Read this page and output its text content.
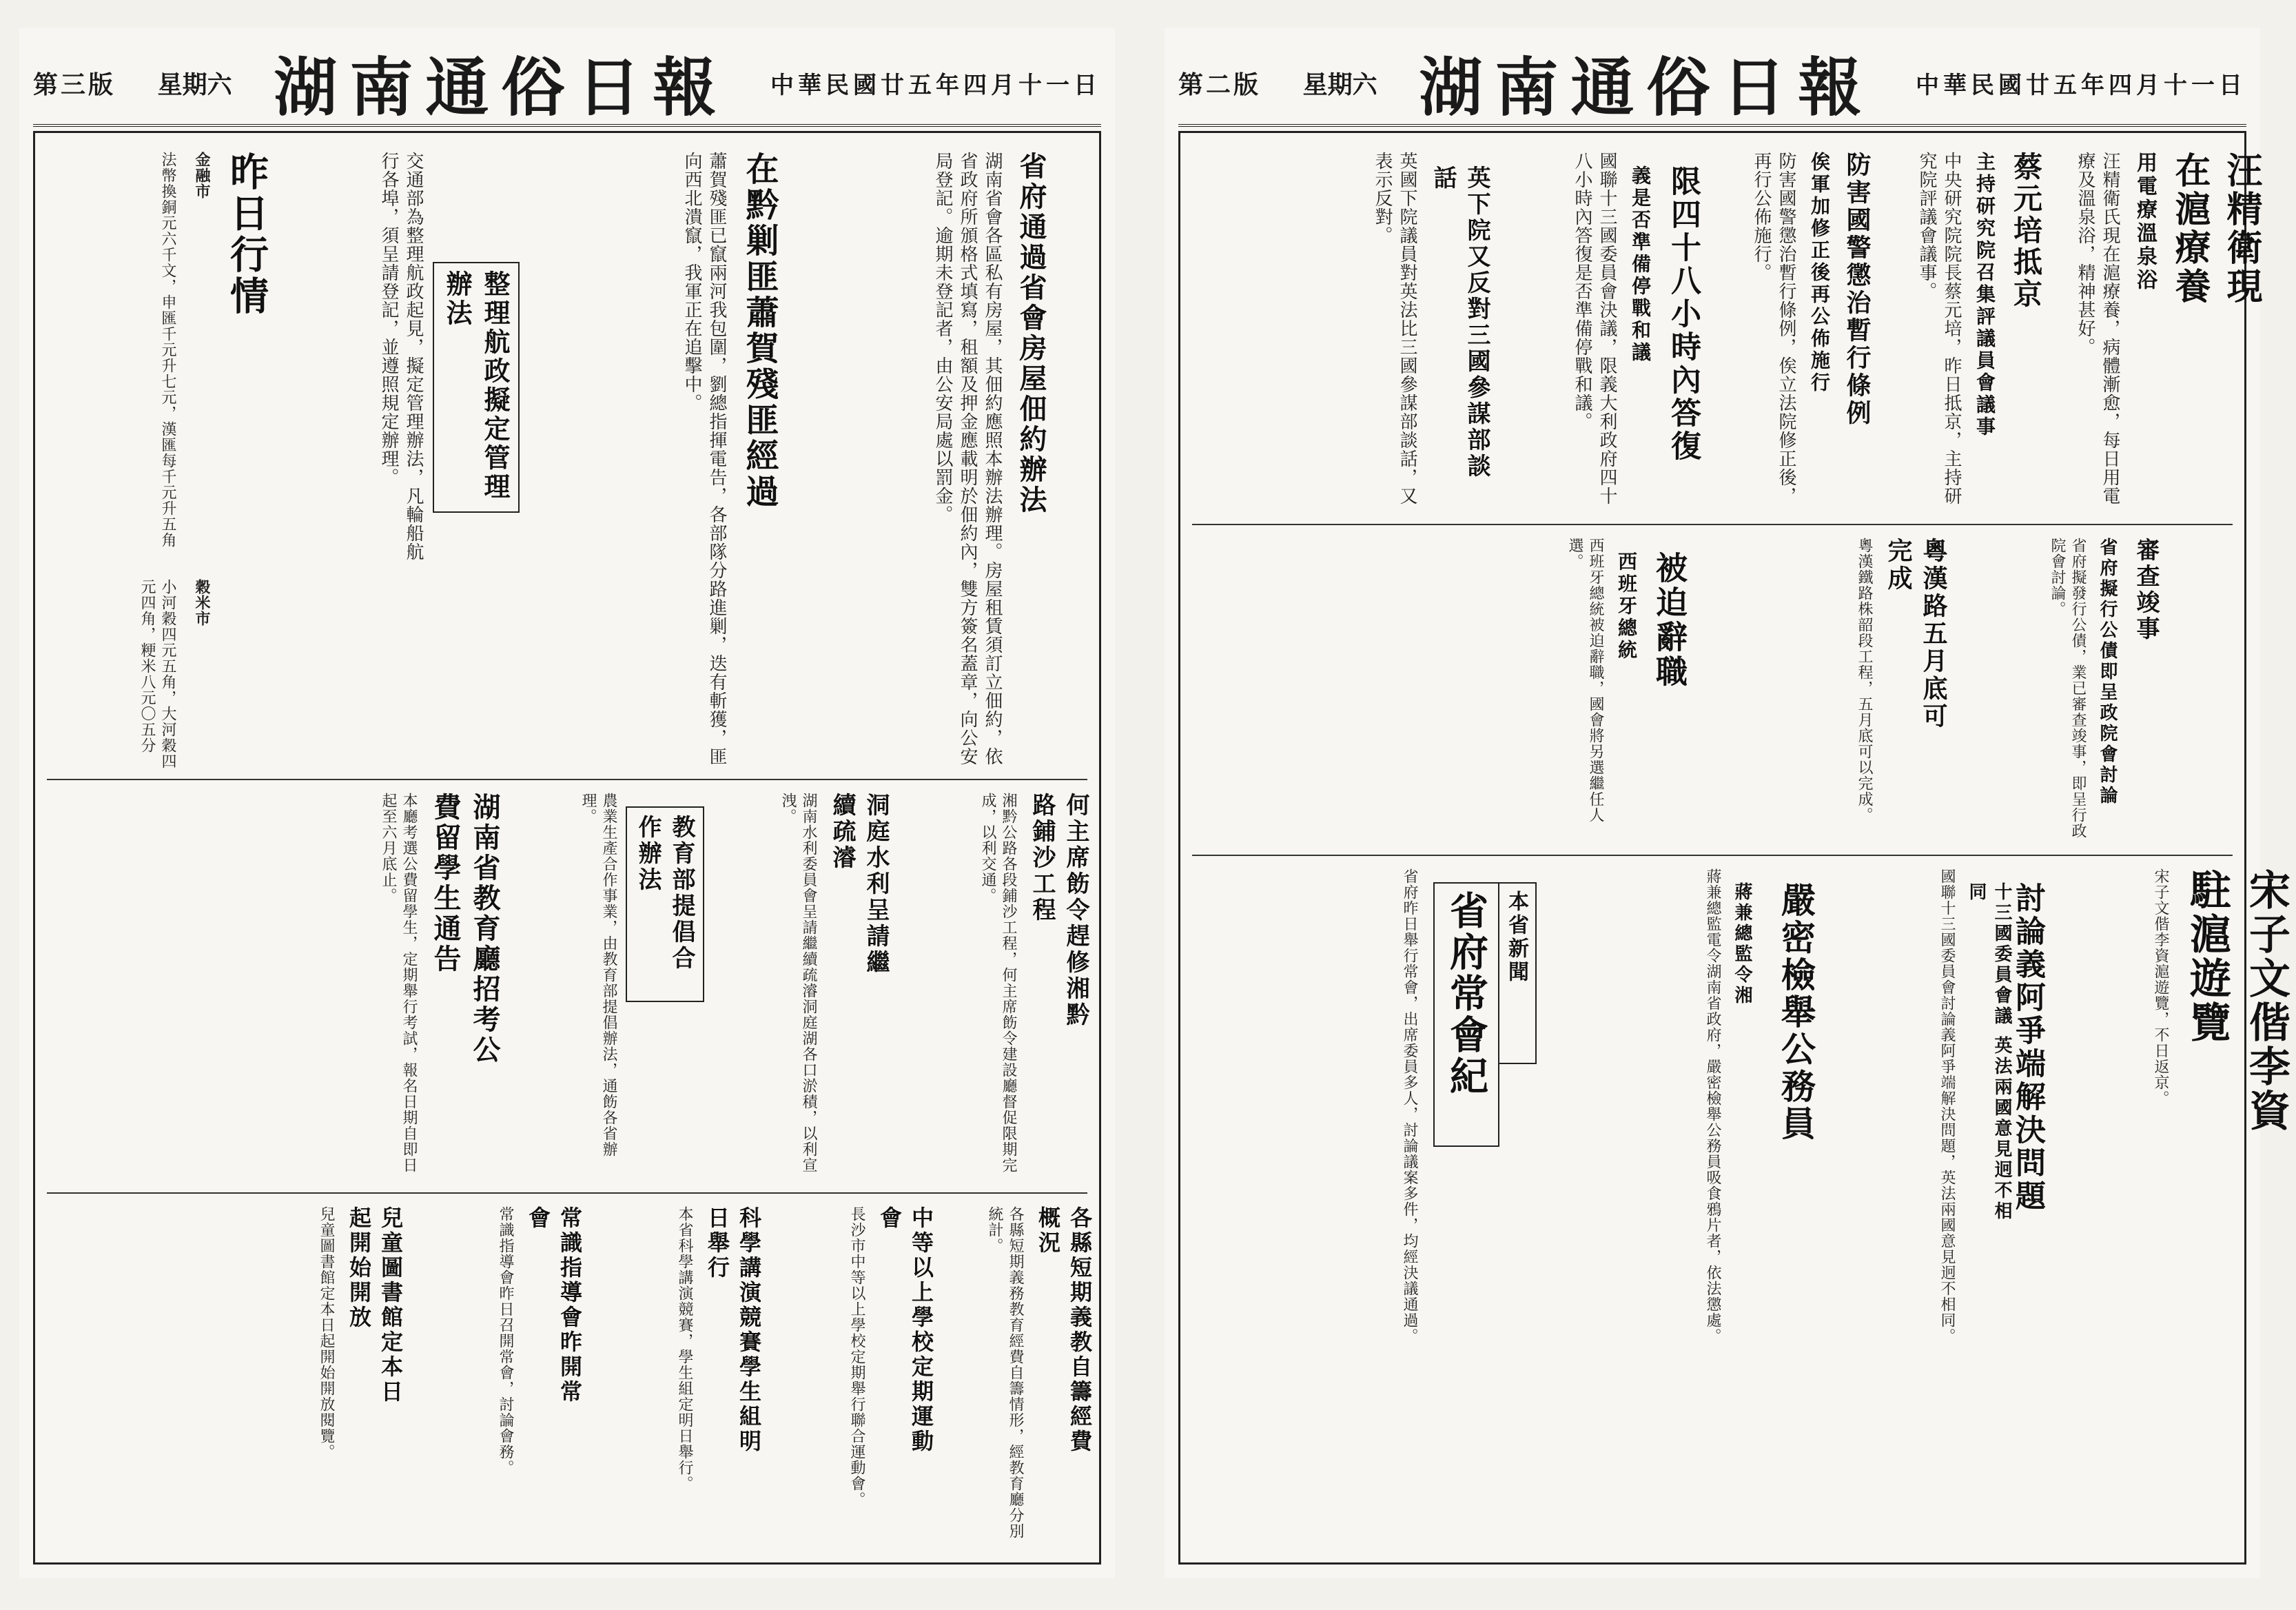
中華民國廿五年四月十一日
湖南通俗日報
星期六
第三版
省府通過省會房屋佃約辦法
湖南省會各區私有房屋，其佃約應照本辦法辦理。房屋租賃須訂立佃約，依省政府所頒格式填寫，租額及押金應載明於佃約內，雙方簽名蓋章，向公安局登記。逾期未登記者，由公安局處以罰金。
在黔剿匪蕭賀殘匪經過
蕭賀殘匪已竄兩河我包圍，劉總指揮電告，各部隊分路進剿，迭有斬獲，匪向西北潰竄，我軍正在追擊中。
整理航政擬定管理辦法
交通部為整理航政起見，擬定管理辦法，凡輪船航行各埠，須呈請登記，並遵照規定辦理。
昨日行情
金融市
法幣換銅元六千文，申匯千元升七元，漢匯每千元升五角
穀米市
小河穀四元五角，大河穀四元四角，粳米八元〇五分
何主席飭令趕修湘黔路鋪沙工程
湘黔公路各段鋪沙工程，何主席飭令建設廳督促限期完成，以利交通。
洞庭水利呈請繼續疏濬
湖南水利委員會呈請繼續疏濬洞庭湖各口淤積，以利宣洩。
教育部提倡合作辦法
農業生產合作事業，由教育部提倡辦法，通飭各省辦理。
湖南省教育廳招考公費留學生通告
本廳考選公費留學生，定期舉行考試，報名日期自即日起至六月底止。
各縣短期義教自籌經費概況
各縣短期義務教育經費自籌情形，經教育廳分別統計。
中等以上學校定期運動會
長沙市中等以上學校定期舉行聯合運動會。
科學講演競賽學生組明日舉行
本省科學講演競賽，學生組定明日舉行。
常識指導會昨開常會
常識指導會昨日召開常會，討論會務。
兒童圖書館定本日起開始開放
兒童圖書館定本日起開始開放閱覽。
中華民國廿五年四月十一日
湖南通俗日報
星期六
第二版
汪精衛現在滬療養
用電療溫泉浴
汪精衛氏現在滬療養，病體漸愈，每日用電療及溫泉浴，精神甚好。
蔡元培抵京
主持研究院召集評議員會議事
中央研究院院長蔡元培，昨日抵京，主持研究院評議會議事。
防害國警懲治暫行條例
俟軍加修正後再公佈施行
防害國警懲治暫行條例，俟立法院修正後，再行公佈施行。
限四十八小時內答復
義是否準備停戰和議
國聯十三國委員會決議，限義大利政府四十八小時內答復是否準備停戰和議。
英下院又反對三國參謀部談話
英國下院議員對英法比三國參謀部談話，又表示反對。
審查竣事
省府擬行公債即呈政院會討論
省府擬發行公債，業已審查竣事，即呈行政院會討論。
粵漢路五月底可完成
粵漢鐵路株韶段工程，五月底可以完成。
被迫辭職
西班牙總統
西班牙總統被迫辭職，國會將另選繼任人選。
宋子文偕李資駐滬遊覽
宋子文偕李資滬遊覽，不日返京。
討論義阿爭端解決問題
十三國委員會議 英法兩國意見迥不相同
國聯十三國委員會討論義阿爭端解決問題，英法兩國意見迥不相同。
嚴密檢舉公務員
蔣兼總監令湘
蔣兼總監電令湖南省政府，嚴密檢舉公務員吸食鴉片者，依法懲處。
本省新聞
省府常會紀
省府昨日舉行常會，出席委員多人，討論議案多件，均經決議通過。
